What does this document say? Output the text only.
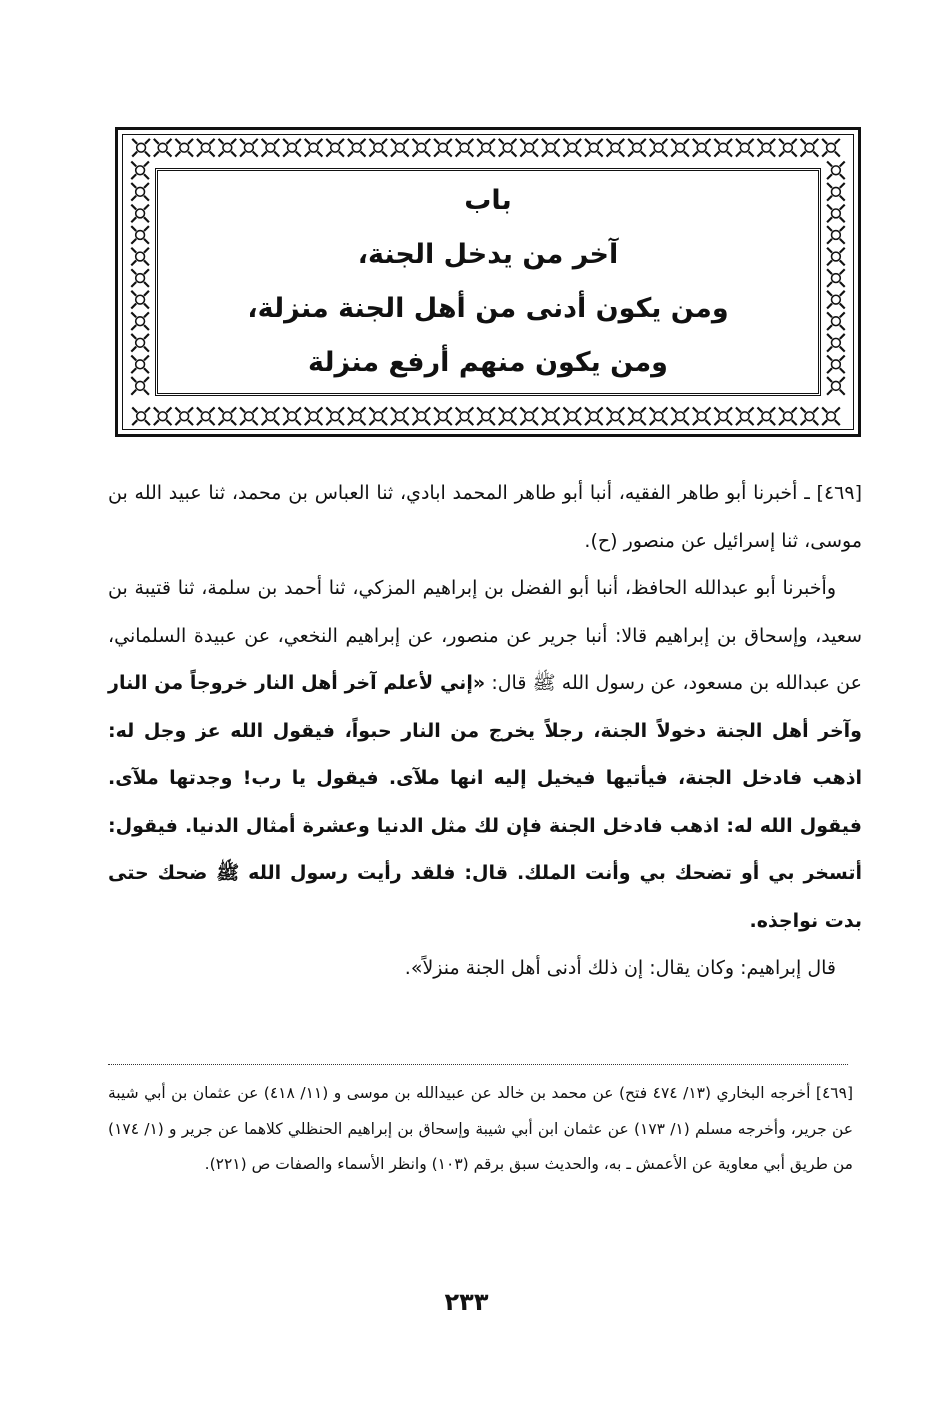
باب
آخر من يدخل الجنة،
ومن يكون أدنى من أهل الجنة منزلة،
ومن يكون منهم أرفع منزلة

[٤٦٩] ـ أخبرنا أبو طاهر الفقيه، أنبا أبو طاهر المحمد ابادي، ثنا العباس بن محمد، ثنا عبيد الله بن موسى، ثنا إسرائيل عن منصور (ح).

وأخبرنا أبو عبدالله الحافظ، أنبا أبو الفضل بن إبراهيم المزكي، ثنا أحمد بن سلمة، ثنا قتيبة بن سعيد، وإسحاق بن إبراهيم قالا: أنبا جرير عن منصور، عن إبراهيم النخعي، عن عبيدة السلماني، عن عبدالله بن مسعود، عن رسول الله ﷺ قال: «إني لأعلم آخر أهل النار خروجاً من النار وآخر أهل الجنة دخولاً الجنة، رجلاً يخرج من النار حبواً، فيقول الله عز وجل له: اذهب فادخل الجنة، فيأتيها فيخيل إليه انها ملآى. فيقول يا رب! وجدتها ملآى. فيقول الله له: اذهب فادخل الجنة فإن لك مثل الدنيا وعشرة أمثال الدنيا. فيقول: أتسخر بي أو تضحك بي وأنت الملك. قال: فلقد رأيت رسول الله ﷺ ضحك حتى بدت نواجذه.

قال إبراهيم: وكان يقال: إن ذلك أدنى أهل الجنة منزلاً».

[٤٦٩] أخرجه البخاري (١٣/ ٤٧٤ فتح) عن محمد بن خالد عن عبيدالله بن موسى و (١١/ ٤١٨) عن عثمان بن أبي شيبة عن جرير، وأخرجه مسلم (١/ ١٧٣) عن عثمان ابن أبي شيبة وإسحاق بن إبراهيم الحنظلي كلاهما عن جرير و (١/ ١٧٤) من طريق أبي معاوية عن الأعمش ـ به، والحديث سبق برقم (١٠٣) وانظر الأسماء والصفات ص (٢٢١).
٢٣٣
